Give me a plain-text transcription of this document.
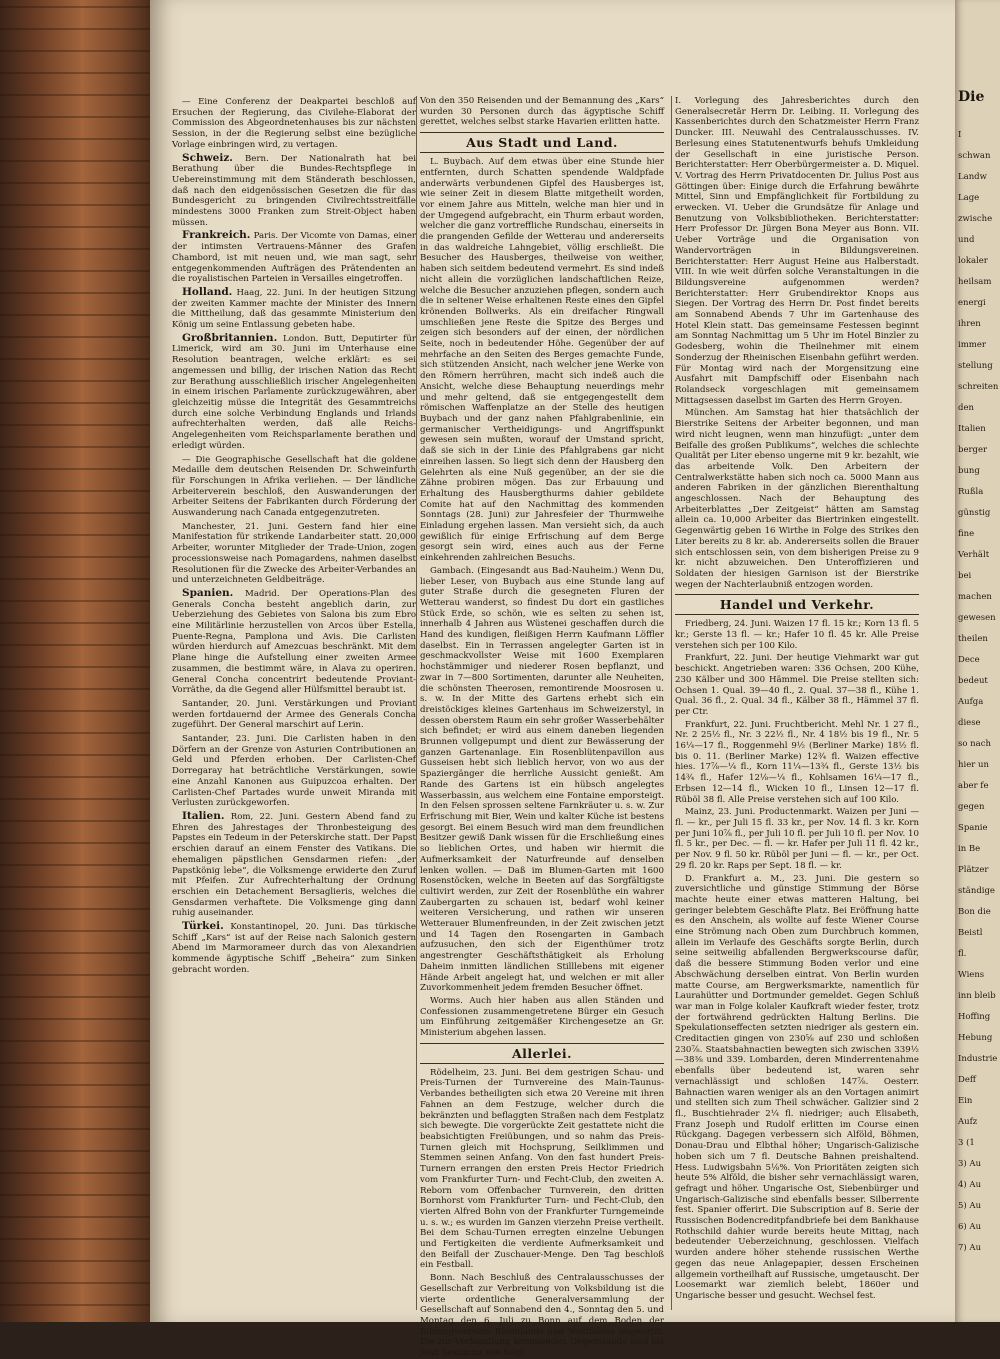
— Eine Conferenz der Deakpartei beschloß auf Ersuchen der Regierung, das Civilehe-Elaborat der Commission des Abgeordnetenhauses bis zur nächsten Session, in der die Regierung selbst eine bezügliche Vorlage einbringen wird, zu vertagen.

Schweiz. Bern. Der Nationalrath hat bei Berathung über die Bundes-Rechtspflege in Uebereinstimmung mit dem Ständerath beschlossen, daß nach den eidgenössischen Gesetzen die für das Bundesgericht zu bringenden Civilrechtsstreitfälle mindestens 3000 Franken zum Streit-Object haben müssen.

Frankreich. Paris. Der Vicomte von Damas, einer der intimsten Vertrauens-Männer des Grafen Chambord, ist mit neuen und, wie man sagt, sehr entgegenkommenden Aufträgen des Prätendenten an die royalistischen Parteien in Versailles eingetroffen.

Holland. Haag, 22. Juni. In der heutigen Sitzung der zweiten Kammer machte der Minister des Innern die Mittheilung, daß das gesammte Ministerium den König um seine Entlassung gebeten habe.

Großbritannien. London. Butt, Deputirter für Limerick, wird am 30. Juni im Unterhause eine Resolution beantragen, welche erklärt: es sei angemessen und billig, der irischen Nation das Recht zur Berathung ausschließlich irischer Angelegenheiten in einem irischen Parlamente zurückzugewähren, aber gleichzeitig müsse die Integrität des Gesammtreichs durch eine solche Verbindung Englands und Irlands aufrechterhalten werden, daß alle Reichs-Angelegenheiten vom Reichsparlamente berathen und erledigt würden.

— Die Geographische Gesellschaft hat die goldene Medaille dem deutschen Reisenden Dr. Schweinfurth für Forschungen in Afrika verliehen. — Der ländliche Arbeiterverein beschloß, den Auswanderungen der Arbeiter Seitens der Fabrikanten durch Förderung der Auswanderung nach Canada entgegenzutreten.

Manchester, 21. Juni. Gestern fand hier eine Manifestation für strikende Landarbeiter statt. 20,000 Arbeiter, worunter Mitglieder der Trade-Union, zogen processionsweise nach Pomagardens, nahmen daselbst Resolutionen für die Zwecke des Arbeiter-Verbandes an und unterzeichneten Geldbeiträge.

Spanien. Madrid. Der Operations-Plan des Generals Concha besteht angeblich darin, zur Ueberziehung des Gebietes von Salona bis zum Ebro eine Militärlinie herzustellen von Arcos über Estella, Puente-Regna, Pamplona und Avis. Die Carlisten würden hierdurch auf Amezcuas beschränkt. Mit dem Plane hinge die Aufstellung einer zweiten Armee zusammen, die bestimmt wäre, in Alava zu operiren. General Concha concentrirt bedeutende Proviant-Vorräthe, da die Gegend aller Hülfsmittel beraubt ist.

Santander, 20. Juni. Verstärkungen und Proviant werden fortdauernd der Armee des Generals Concha zugeführt. Der General marschirt auf Lerin.

Santander, 23. Juni. Die Carlisten haben in den Dörfern an der Grenze von Asturien Contributionen an Geld und Pferden erhoben. Der Carlisten-Chef Dorregaray hat beträchtliche Verstärkungen, sowie eine Anzahl Kanonen aus Guipuzcoa erhalten. Der Carlisten-Chef Partades wurde unweit Miranda mit Verlusten zurückgeworfen.

Italien. Rom, 22. Juni. Gestern Abend fand zu Ehren des Jahrestages der Thronbesteigung des Papstes ein Tedeum in der Peterskirche statt. Der Papst erschien darauf an einem Fenster des Vatikans. Die ehemaligen päpstlichen Gensdarmen riefen: „der Papstkönig lebe“, die Volksmenge erwiderte den Zuruf mit Pfeifen. Zur Aufrechterhaltung der Ordnung erschien ein Detachement Bersaglieris, welches die Gensdarmen verhaftete. Die Volksmenge ging dann ruhig auseinander.

Türkei. Konstantinopel, 20. Juni. Das türkische Schiff „Kars“ ist auf der Reise nach Salonich gestern Abend im Marmorameer durch das von Alexandrien kommende ägyptische Schiff „Beheira“ zum Sinken gebracht worden.

Von den 350 Reisenden und der Bemannung des „Kars“ wurden 30 Personen durch das ägyptische Schiff gerettet, welches selbst starke Havarien erlitten hatte.

Aus Stadt und Land.

L. Buybach. Auf dem etwas über eine Stunde hier entfernten, durch Schatten spendende Waldpfade anderwärts verbundenen Gipfel des Hausberges ist, wie seiner Zeit in diesem Blatte mitgetheilt worden, vor einem Jahre aus Mitteln, welche man hier und in der Umgegend aufgebracht, ein Thurm erbaut worden, welcher die ganz vortreffliche Rundschau, einerseits in die prangenden Gefilde der Wetterau und andererseits in das waldreiche Lahngebiet, völlig erschließt. Die Besucher des Hausberges, theilweise von weither, haben sich seitdem bedeutend vermehrt. Es sind indeß nicht allein die vorzüglichen landschaftlichen Reize, welche die Besucher anzuziehen pflegen, sondern auch die in seltener Weise erhaltenen Reste eines den Gipfel krönenden Bollwerks. Als ein dreifacher Ringwall umschließen jene Reste die Spitze des Berges und zeigen sich besonders auf der einen, der nördlichen Seite, noch in bedeutender Höhe. Gegenüber der auf mehrfache an den Seiten des Berges gemachte Funde, sich stützenden Ansicht, nach welcher jene Werke von den Römern herrühren, macht sich indeß auch die Ansicht, welche diese Behauptung neuerdings mehr und mehr geltend, daß sie entgegengestellt dem römischen Waffenplatze an der Stelle des heutigen Buybach und der ganz nahen Pfahlgrabenlinie, ein germanischer Vertheidigungs- und Angriffspunkt gewesen sein mußten, worauf der Umstand spricht, daß sie sich in der Linie des Pfahlgrabens gar nicht einreihen lassen. So liegt sich denn der Hausberg den Gelehrten als eine Nuß gegenüber, an der sie die Zähne probiren mögen. Das zur Erbauung und Erhaltung des Hausbergthurms dahier gebildete Comite hat auf den Nachmittag des kommenden Sonntags (28. Juni) zur Jahresfeier der Thurmweihe Einladung ergehen lassen. Man versieht sich, da auch gewißlich für einige Erfrischung auf dem Berge gesorgt sein wird, eines auch aus der Ferne einkehrenden zahlreichen Besuchs.

Gambach. (Eingesandt aus Bad-Nauheim.) Wenn Du, lieber Leser, von Buybach aus eine Stunde lang auf guter Straße durch die gesegneten Fluren der Wetterau wanderst, so findest Du dort ein gastliches Stück Erde, so schön, wie es selten zu sehen ist, innerhalb 4 Jahren aus Wüstenei geschaffen durch die Hand des kundigen, fleißigen Herrn Kaufmann Löffler daselbst. Ein in Terrassen angelegter Garten ist in geschmackvollster Weise mit 1600 Exemplaren hochstämmiger und niederer Rosen bepflanzt, und zwar in 7—800 Sortimenten, darunter alle Neuheiten, die schönsten Theerosen, remontirende Moosrosen u. s. w. In der Mitte des Gartens erhebt sich ein dreistöckiges kleines Gartenhaus im Schweizerstyl, in dessen oberstem Raum ein sehr großer Wasserbehälter sich befindet; er wird aus einem daneben liegenden Brunnen vollgepumpt und dient zur Bewässerung der ganzen Gartenanlage. Ein Rosenblütenpavillon aus Gusseisen hebt sich lieblich hervor, von wo aus der Spaziergänger die herrliche Aussicht genießt. Am Rande des Gartens ist ein hübsch angelegtes Wasserbassin, aus welchem eine Fontaine emporsteigt. In den Felsen sprossen seltene Farnkräuter u. s. w. Zur Erfrischung mit Bier, Wein und kalter Küche ist bestens gesorgt. Bei einem Besuch wird man dem freundlichen Besitzer gewiß Dank wissen für die Erschließung eines so lieblichen Ortes, und haben wir hiermit die Aufmerksamkeit der Naturfreunde auf denselben lenken wollen. — Daß im Blumen-Garten mit 1600 Rosenstöcken, welche in Beeten auf das Sorgfältigste cultivirt werden, zur Zeit der Rosenblüthe ein wahrer Zaubergarten zu schauen ist, bedarf wohl keiner weiteren Versicherung, und rathen wir unseren Wetterauer Blumenfreunden, in der Zeit zwischen jetzt und 14 Tagen den Rosengarten in Gambach aufzusuchen, den sich der Eigenthümer trotz angestrengter Geschäftsthätigkeit als Erholung Daheim inmitten ländlichen Stilllebens mit eigener Hände Arbeit angelegt hat, und welchen er mit aller Zuvorkommenheit jedem fremden Besucher öffnet.

Worms. Auch hier haben aus allen Ständen und Confessionen zusammengetretene Bürger ein Gesuch um Einführung zeitgemäßer Kirchengesetze an Gr. Ministerium abgehen lassen.

Allerlei.

Rödelheim, 23. Juni. Bei dem gestrigen Schau- und Preis-Turnen der Turnvereine des Main-Taunus-Verbandes betheiligten sich etwa 20 Vereine mit ihren Fahnen an dem Festzuge, welcher durch die bekränzten und beflaggten Straßen nach dem Festplatz sich bewegte. Die vorgerückte Zeit gestattete nicht die beabsichtigten Freiübungen, und so nahm das Preis-Turnen gleich mit Hochsprung, Seilklimmen und Stemmen seinen Anfang. Von den fast hundert Preis-Turnern errangen den ersten Preis Hector Friedrich vom Frankfurter Turn- und Fecht-Club, den zweiten A. Reborn vom Offenbacher Turnverein, den dritten Bornhorst vom Frankfurter Turn- und Fecht-Club, den vierten Alfred Bohn von der Frankfurter Turngemeinde u. s. w.; es wurden im Ganzen vierzehn Preise vertheilt. Bei dem Schau-Turnen erregten einzelne Uebungen und Fertigkeiten die verdiente Aufmerksamkeit und den Beifall der Zuschauer-Menge. Den Tag beschloß ein Festball.

Bonn. Nach Beschluß des Centralausschusses der Gesellschaft zur Verbreitung von Volksbildung ist die vierte ordentliche Generalversammlung der Gesellschaft auf Sonnabend den 4., Sonntag den 5. und Montag den 6. Juli zu Bonn auf dem Boden der Bildungsvereine Rheinlands und Westfalens angesetzt. Die zur Verhandlung kommenden Gegenstände sind bis jetzt bestimmt wie folgt:

I. Vorlegung des Jahresberichtes durch den Generalsecretär Herrn Dr. Leibing. II. Vorlegung des Kassenberichtes durch den Schatzmeister Herrn Franz Duncker. III. Neuwahl des Centralausschusses. IV. Berlesung eines Statutenentwurfs behufs Umkleidung der Gesellschaft in eine juristische Person. Berichterstatter: Herr Oberbürgermeister a. D. Miquel. V. Vortrag des Herrn Privatdocenten Dr. Julius Post aus Göttingen über: Einige durch die Erfahrung bewährte Mittel, Sinn und Empfänglichkeit für Fortbildung zu erwecken. VI. Ueber die Grundsätze für Anlage und Benutzung von Volksbibliotheken. Berichterstatter: Herr Professor Dr. Jürgen Bona Meyer aus Bonn. VII. Ueber Vorträge und die Organisation von Wandervorträgen in Bildungsvereinen. Berichterstatter: Herr August Heine aus Halberstadt. VIII. In wie weit dürfen solche Veranstaltungen in die Bildungsvereine aufgenommen werden? Berichterstatter: Herr Grubendirektor Knops aus Siegen. Der Vortrag des Herrn Dr. Post findet bereits am Sonnabend Abends 7 Uhr im Gartenhause des Hotel Klein statt. Das gemeinsame Festessen beginnt am Sonntag Nachmittag um 5 Uhr im Hotel Binzler zu Godesberg, wohin die Theilnehmer mit einem Sonderzug der Rheinischen Eisenbahn geführt werden. Für Montag wird nach der Morgensitzung eine Ausfahrt mit Dampfschiff oder Eisenbahn nach Rolandseck vorgeschlagen mit gemeinsamem Mittagsessen daselbst im Garten des Herrn Groyen.

München. Am Samstag hat hier thatsächlich der Bierstrike Seitens der Arbeiter begonnen, und man wird nicht leugnen, wenn man hinzufügt: „unter dem Beifalle des großen Publikums“, welches die schlechte Qualität per Liter ebenso ungerne mit 9 kr. bezahlt, wie das arbeitende Volk. Den Arbeitern der Centralwerkstätte haben sich noch ca. 5000 Mann aus anderen Fabriken in der gänzlichen Bierenthaltung angeschlossen. Nach der Behauptung des Arbeiterblattes „Der Zeitgeist“ hätten am Samstag allein ca. 10,000 Arbeiter das Biertrinken eingestellt. Gegenwärtig geben 16 Wirthe in Folge des Strikes den Liter bereits zu 8 kr. ab. Andererseits sollen die Brauer sich entschlossen sein, von dem bisherigen Preise zu 9 kr. nicht abzuweichen. Den Unteroffizieren und Soldaten der hiesigen Garnison ist der Bierstrike wegen der Nachterlaubniß entzogen worden.

Handel und Verkehr.

Friedberg, 24. Juni. Waizen 17 fl. 15 kr.; Korn 13 fl. 5 kr.; Gerste 13 fl. — kr.; Hafer 10 fl. 45 kr. Alle Preise verstehen sich per 100 Kilo.

Frankfurt, 22. Juni. Der heutige Viehmarkt war gut beschickt. Angetrieben waren: 336 Ochsen, 200 Kühe, 230 Kälber und 300 Hämmel. Die Preise stellten sich: Ochsen 1. Qual. 39—40 fl., 2. Qual. 37—38 fl., Kühe 1. Qual. 36 fl., 2. Qual. 34 fl., Kälber 38 fl., Hämmel 37 fl. per Ctr.

Frankfurt, 22. Juni. Fruchtbericht. Mehl Nr. 1 27 fl., Nr. 2 25½ fl., Nr. 3 22½ fl., Nr. 4 18½ bis 19 fl., Nr. 5 16¼—17 fl., Roggenmehl 9½ (Berliner Marke) 18½ fl. bis 0. 11. (Berliner Marke) 12¾ fl. Waizen effective hies. 17⅞—¼ fl., Korn 11¼—13¾ fl., Gerste 13½ bis 14¾ fl., Hafer 12⅛—¼ fl., Kohlsamen 16¼—17 fl., Erbsen 12—14 fl., Wicken 10 fl., Linsen 12—17 fl. Rüböl 38 fl. Alle Preise verstehen sich auf 100 Kilo.

Mainz, 23. Juni. Productenmarkt. Waizen per Juni — fl. — kr., per Juli 15 fl. 33 kr., per Nov. 14 fl. 3 kr. Korn per Juni 10⅞ fl., per Juli 10 fl. per Juli 10 fl. per Nov. 10 fl. 5 kr., per Dec. — fl. — kr. Hafer per Juli 11 fl. 42 kr., per Nov. 9 fl. 50 kr. Rüböl per Juni — fl. — kr., per Oct. 29 fl. 20 kr. Raps per Sept. 18 fl. — kr.

D. Frankfurt a. M., 23. Juni. Die gestern so zuversichtliche und günstige Stimmung der Börse machte heute einer etwas matteren Haltung, bei geringer belebtem Geschäfte Platz. Bei Eröffnung hatte es den Anschein, als wollte auf feste Wiener Course eine Strömung nach Oben zum Durchbruch kommen, allein im Verlaufe des Geschäfts sorgte Berlin, durch seine seitweilig abfallenden Bergwerkscourse dafür, daß die bessere Stimmung Boden verlor und eine Abschwächung derselben eintrat. Von Berlin wurden matte Course, am Bergwerksmarkte, namentlich für Laurahütter und Dortmunder gemeldet. Gegen Schluß war man in Folge kolaler Kaufkraft wieder fester, trotz der fortwährend gedrückten Haltung Berlins. Die Spekulationseffecten setzten niedriger als gestern ein. Creditactien gingen von 230⅝ auf 230 und schloßen 230⅞. Staatsbahnactien bewegten sich zwischen 339½—38⅜ und 339. Lombarden, deren Minderrentenahme ebenfalls über bedeutend ist, waren sehr vernachlässigt und schloßen 147⅞. Oesterr. Bahnactien waren weniger als an den Vortagen animirt und stellten sich zum Theil schwächer. Galizier sind 2 fl., Buschtiehrader 2¼ fl. niedriger; auch Elisabeth, Franz Joseph und Rudolf erlitten im Course einen Rückgang. Dagegen verbessern sich Alföld, Böhmen, Donau-Drau und Elbthal höher; Ungarisch-Galizische hoben sich um 7 fl. Deutsche Bahnen preishaltend. Hess. Ludwigsbahn 5⅛%. Von Prioritäten zeigten sich heute 5% Alföld, die bisher sehr vernachlässigt waren, gefragt und höher. Ungarische Ost, Siebenbürger und Ungarisch-Galizische sind ebenfalls besser. Silberrente fest. Spanier offerirt. Die Subscription auf 8. Serie der Russischen Bodencreditpfandbriefe bei dem Bankhause Rothschild dahier wurde bereits heute Mittag, nach bedeutender Ueberzeichnung, geschlossen. Vielfach wurden andere höher stehende russischen Werthe gegen das neue Anlagepapier, dessen Erscheinen allgemein vortheilhaft auf Russische, umgetauscht. Der Loosemarkt war ziemlich belebt, 1860er und Ungarische besser und gesucht. Wechsel fest.

Die
I
schwan
Landw
Lage
zwische
und
lokaler
heilsam
energi
ihren
immer
stellung
schreiten
den
Italien
berger
bung
Rußla
günstig
fine
Verhält
bei
machen
gewesen
theilen
Dece
bedeut
Aufga
diese
so nach
hier un
aber fe
gegen
Spanie
in Be
Plätzer
ständige
Bon die
Beistl
fl.
Wiens
inn bleib
Hoffing
Hebung
Industrie
Deff
Ein
Aufz
3 (1
3) Au
4) Au
5) Au
6) Au
7) Au
